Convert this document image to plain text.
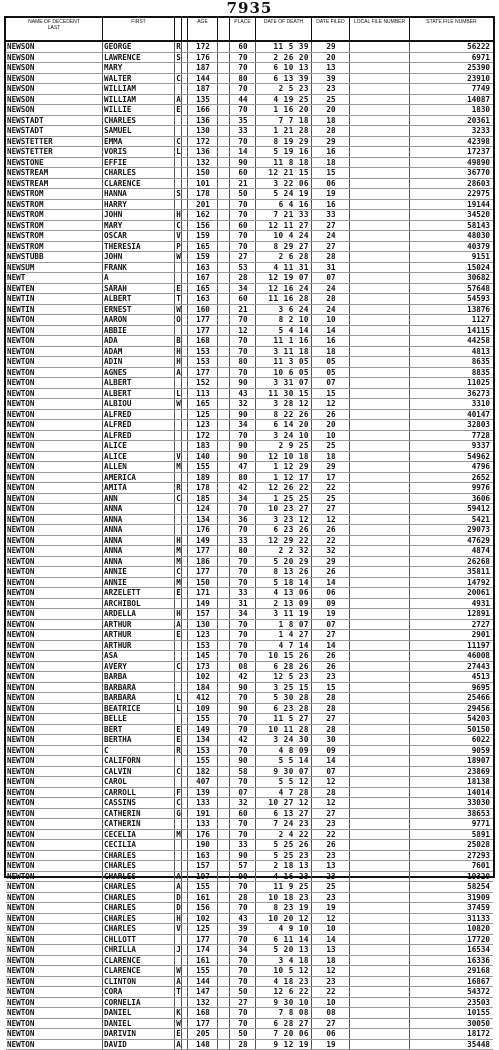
7935
NAME OF DECEDENT
LAST
FIRST	AGE	PLACE	DATE OF DEATH	DATE FILED	LOCAL FILE NUMBER	STATE FILE NUMBER
NEWSON	GEORGE	R	172	60	11 5 39	29	56222
NEWSON	LAWRENCE	S	176	70	2 26 20	20	6971
NEWSON	MARY	187	70	6 10 13	13	25390
NEWSON	WALTER	C	144	80	6 13 39	39	23910
NEWSON	WILLIAM	187	70	2 5 23	23	7749
NEWSON	WILLIAM	A	135	44	4 19 25	25	14087
NEWSON	WILLIE	E	166	70	1 16 20	20	1830
NEWSTADT	CHARLES	136	35	7 7 18	18	20361
NEWSTADT	SAMUEL	130	33	1 21 28	28	3233
NEWSTETTER	EMMA	C	172	70	8 19 29	29	42398
NEWSTETTER	VORIS	L	136	14	5 19 16	16	17237
NEWSTONE	EFFIE	132	90	11 8 18	18	49890
NEWSTREAM	CHARLES	150	60	12 21 15	15	36770
NEWSTREAM	CLARENCE	101	21	3 22 06	06	28603
NEWSTROM	HANNA	S	178	50	5 24 19	19	22975
NEWSTROM	HARRY	201	70	6 4 16	16	19144
NEWSTROM	JOHN	H	162	70	7 21 33	33	34520
NEWSTROM	MARY	C	156	60	12 11 27	27	58143
NEWSTROM	OSCAR	V	159	70	10 4 24	24	48030
NEWSTROM	THERESIA	P	165	70	8 29 27	27	40379
NEWSTUBB	JOHN	W	159	27	2 6 28	28	9151
NEWSUM	FRANK	163	53	4 11 31	31	15024
NEWT	A	167	28	12 19 07	07	30682
NEWTEN	SARAH	E	165	34	12 16 24	24	57648
NEWTIN	ALBERT	T	163	60	11 16 28	28	54593
NEWTIN	ERNEST	W	160	21	3 6 24	24	13876
NEWTON	AARON	O	177	70	8 2 10	10	1127
NEWTON	ABBIE	177	12	5 4 14	14	14115
NEWTON	ADA	B	168	70	11 1 16	16	44258
NEWTON	ADAM	H	153	70	3 11 18	18	4813
NEWTON	ADIN	H	153	80	11 3 05	05	8635
NEWTON	AGNES	A	177	70	10 6 05	05	8835
NEWTON	ALBERT	152	90	3 31 07	07	11025
NEWTON	ALBERT	L	113	43	11 30 15	15	36273
NEWTON	ALBIOU	W	165	32	3 28 12	12	3310
NEWTON	ALFRED	125	90	8 22 26	26	40147
NEWTON	ALFRED	123	34	6 14 20	20	32803
NEWTON	ALFRED	172	70	3 24 10	10	7728
NEWTON	ALICE	183	90	2 9 25	25	9337
NEWTON	ALICE	V	140	90	12 10 18	18	54962
NEWTON	ALLEN	M	155	47	1 12 29	29	4796
NEWTON	AMERICA	189	80	1 12 17	17	2652
NEWTON	AMITA	R	178	42	12 26 22	22	9976
NEWTON	ANN	C	185	34	1 25 25	25	3606
NEWTON	ANNA	124	70	10 23 27	27	59412
NEWTON	ANNA	134	36	3 23 12	12	5421
NEWTON	ANNA	176	70	6 23 26	26	29073
NEWTON	ANNA	H	149	33	12 29 22	22	47629
NEWTON	ANNA	M	177	80	2 2 32	32	4874
NEWTON	ANNA	M	186	70	5 20 29	29	26268
NEWTON	ANNIE	C	177	70	8 13 26	26	35811
NEWTON	ANNIE	M	150	70	5 18 14	14	14792
NEWTON	ARZELETT	E	171	33	4 13 06	06	20061
NEWTON	ARCHIBOL	149	31	2 13 09	09	4931
NEWTON	ARDELLA	H	157	34	3 11 19	19	12891
NEWTON	ARTHUR	A	130	70	1 8 07	07	2727
NEWTON	ARTHUR	E	123	70	1 4 27	27	2901
NEWTON	ARTHUR	153	70	4 7 14	14	11197
NEWTON	ASA	145	70	10 15 26	26	46008
NEWTON	AVERY	C	173	08	6 28 26	26	27443
NEWTON	BARBA	102	42	12 5 23	23	4513
NEWTON	BARBARA	184	90	3 25 15	15	9695
NEWTON	BARBARA	L	412	70	5 30 28	28	25466
NEWTON	BEATRICE	L	109	90	6 23 28	28	29456
NEWTON	BELLE	155	70	11 5 27	27	54203
NEWTON	BERT	E	149	70	10 11 28	28	50150
NEWTON	BERTHA	E	134	42	3 24 30	30	6022
NEWTON	C	R	153	70	4 8 09	09	9059
NEWTON	CALIFORN	155	90	5 5 14	14	18907
NEWTON	CALVIN	C	182	58	9 30 07	07	23869
NEWTON	CAROL	407	70	5 5 12	12	18138
NEWTON	CARROLL	F	139	07	4 7 28	28	14014
NEWTON	CASSINS	C	133	32	10 27 12	12	33030
NEWTON	CATHERIN	G	191	60	6 13 27	27	38653
NEWTON	CATHERIN	133	70	7 24 23	23	9771
NEWTON	CECELIA	M	176	70	2 4 22	22	5891
NEWTON	CECILIA	190	33	5 25 26	26	25028
NEWTON	CHARLES	163	90	5 25 23	23	27293
NEWTON	CHARLES	157	57	2 18 13	13	7601
NEWTON	CHARLES	A	197	90	4 16 23	23	19320
NEWTON	CHARLES	A	155	70	11 9 25	25	58254
NEWTON	CHARLES	D	161	28	10 18 23	23	31909
NEWTON	CHARLES	D	156	70	8 23 19	19	37459
NEWTON	CHARLES	H	102	43	10 20 12	12	31133
NEWTON	CHARLES	V	125	39	4 9 10	10	10820
NEWTON	CHLLOTT	177	70	6 11 14	14	17720
NEWTON	CHRILLA	J	174	34	5 20 13	13	16534
NEWTON	CLARENCE	161	70	3 4 18	18	16336
NEWTON	CLARENCE	W	155	70	10 5 12	12	29168
NEWTON	CLINTON	A	144	70	4 18 23	23	16867
NEWTON	CORA	T	147	50	12 6 22	22	54372
NEWTON	CORNELIA	132	27	9 30 10	10	23503
NEWTON	DANIEL	K	168	70	7 8 08	08	10155
NEWTON	DANIEL	W	177	70	6 28 27	27	30050
NEWTON	DARIVIN	E	205	50	7 20 06	06	18172
NEWTON	DAVID	A	148	28	9 12 19	19	35448
